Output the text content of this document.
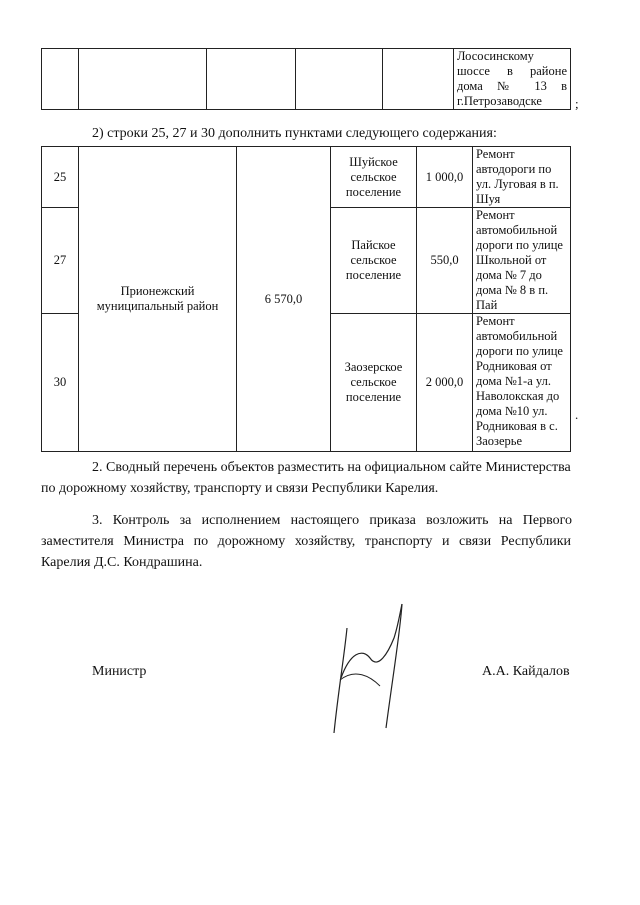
Лососинскому
шоссе в районе
дома № 13 в
г.Петрозаводске	;
2) строки 25, 27 и 30 дополнить пунктами следующего содержания:
25	Прионежский муниципальный район	6 570,0	Шуйское сельское поселение	1 000,0	Ремонт автодороги по ул. Луговая в п. Шуя
27			Пайское сельское поселение	550,0	Ремонт автомобильной дороги по улице Школьной от дома № 7 до дома № 8 в п. Пай
30			Заозерское сельское поселение	2 000,0	Ремонт автомобильной дороги по улице Родниковая от дома №1-а ул. Наволокская до дома №10 ул. Родниковая в с. Заозерье
.
2. Сводный перечень объектов разместить на официальном сайте Министерства
по дорожному хозяйству, транспорту и связи Республики Карелия.
3. Контроль за исполнением настоящего приказа возложить на Первого
заместителя Министра по дорожному хозяйству, транспорту и связи Республики Карелия Д.С. Кондрашина.
Министр	А.А. Кайдалов
